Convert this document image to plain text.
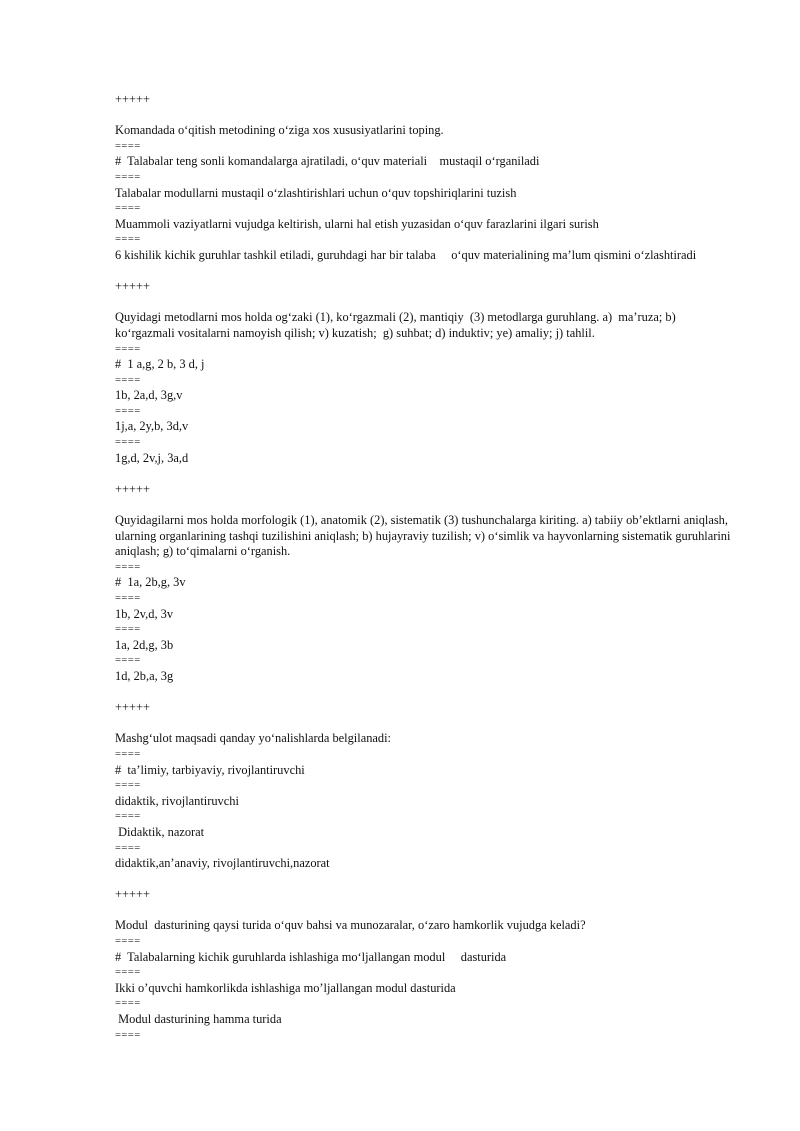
+++++
Komandada o‘qitish metodining o‘ziga xos xususiyatlarini toping.
====
#  Talabalar teng sonli komandalarga ajratiladi, o‘quv materiali    mustaqil o‘rganiladi
====
Talabalar modullarni mustaqil o‘zlashtirishlari uchun o‘quv topshiriqlarini tuzish
====
Muammoli vaziyatlarni vujudga keltirish, ularni hal etish yuzasidan o‘quv farazlarini ilgari surish
====
6 kishilik kichik guruhlar tashkil etiladi, guruhdagi har bir talaba     o‘quv materialining ma’lum qismini o‘zlashtiradi
+++++
Quyidagi metodlarni mos holda og‘zaki (1), ko‘rgazmali (2), mantiqiy  (3) metodlarga guruhlang. a)  ma’ruza; b) ko‘rgazmali vositalarni namoyish qilish; v) kuzatish;  g) suhbat; d) induktiv; ye) amaliy; j) tahlil.
====
#  1 a,g, 2 b, 3 d, j
====
1b, 2a,d, 3g,v
====
1j,a, 2y,b, 3d,v
====
1g,d, 2v,j, 3a,d
+++++
Quyidagilarni mos holda morfologik (1), anatomik (2), sistematik (3) tushunchalarga kiriting. a) tabiiy ob’ektlarni aniqlash, ularning organlarining tashqi tuzilishini aniqlash; b) hujayraviy tuzilish; v) o‘simlik va hayvonlarning sistematik guruhlarini aniqlash; g) to‘qimalarni o‘rganish.
====
#  1a, 2b,g, 3v
====
1b, 2v,d, 3v
====
1a, 2d,g, 3b
====
1d, 2b,a, 3g
+++++
Mashg‘ulot maqsadi qanday yo‘nalishlarda belgilanadi:
====
#  ta’limiy, tarbiyaviy, rivojlantiruvchi
====
didaktik, rivojlantiruvchi
====
Didaktik, nazorat
====
didaktik,an’anaviy, rivojlantiruvchi,nazorat
+++++
Modul  dasturining qaysi turida o‘quv bahsi va munozaralar, o‘zaro hamkorlik vujudga keladi?
====
#  Talabalarning kichik guruhlarda ishlashiga mo‘ljallangan modul     dasturida
====
Ikki o’quvchi hamkorlikda ishlashiga mo’ljallangan modul dasturida
====
Modul dasturining hamma turida
====
